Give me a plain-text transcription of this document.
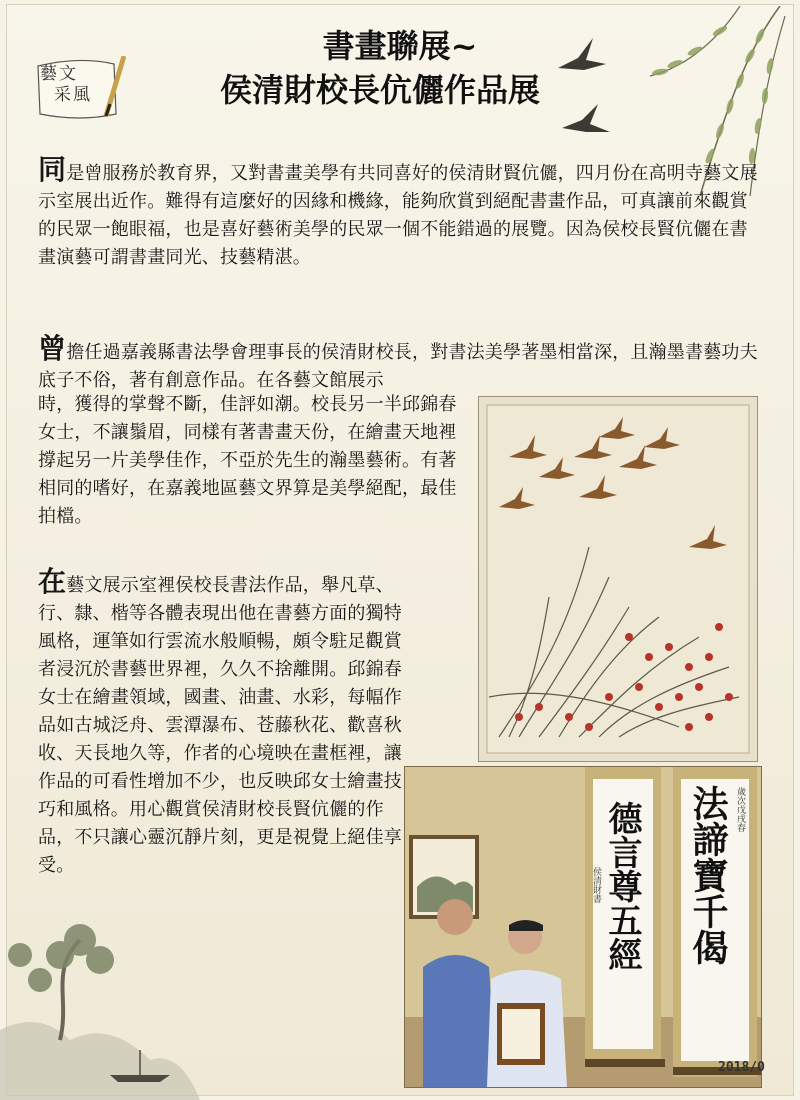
藝文
采風
書畫聯展~
侯清財校長伉儷作品展
同是曾服務於教育界，又對書畫美學有共同喜好的侯清財賢伉儷，四月份在高明寺藝文展示室展出近作。難得有這麼好的因緣和機緣，能夠欣賞到絕配書畫作品，可真讓前來觀賞的民眾一飽眼福，也是喜好藝術美學的民眾一個不能錯過的展覽。因為侯校長賢伉儷在書畫演藝可謂書畫同光、技藝精湛。
曾擔任過嘉義縣書法學會理事長的侯清財校長，對書法美學著墨相當深，且瀚墨書藝功夫底子不俗，著有創意作品。在各藝文館展示
時，獲得的掌聲不斷，佳評如潮。校長另一半邱錦春女士，不讓鬚眉，同樣有著書畫天份，在繪畫天地裡撐起另一片美學佳作，不亞於先生的瀚墨藝術。有著相同的嗜好，在嘉義地區藝文界算是美學絕配，最佳拍檔。
在藝文展示室裡侯校長書法作品，舉凡草、行、隸、楷等各體表現出他在書藝方面的獨特風格，運筆如行雲流水般順暢，頗令駐足觀賞者浸沉於書藝世界裡，久久不捨離開。邱錦春女士在繪畫領域，國畫、油畫、水彩，每幅作品如古城泛舟、雲潭瀑布、苍藤秋花、歡喜秋收、天長地久等，作者的心境映在畫框裡，讓作品的可看性增加不少，也反映邱女士繪畫技巧和風格。用心觀賞侯清財校長賢伉儷的作品，不只讓心靈沉靜片刻，更是視覺上絕佳享受。	德言尊五經 法諦寶千偈 歲次戊戌春
侯清財書
2018/0
